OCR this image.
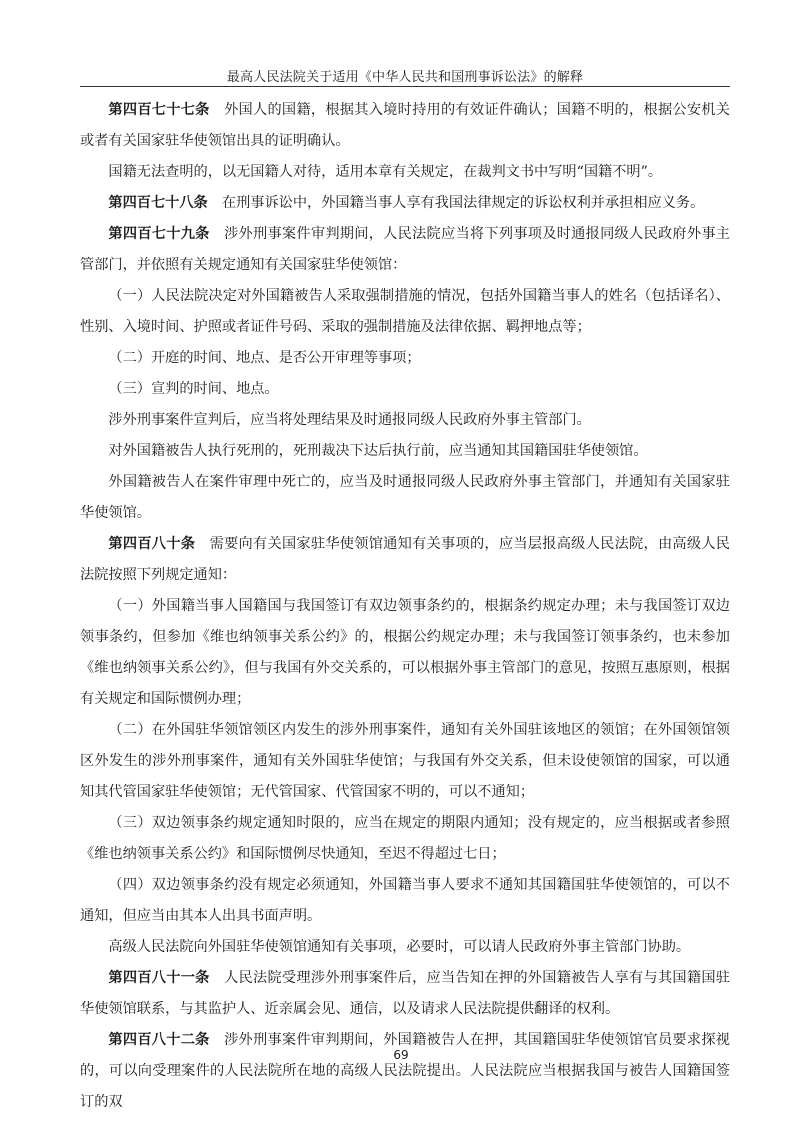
最高人民法院关于适用《中华人民共和国刑事诉讼法》的解释

第四百七十七条　外国人的国籍，根据其入境时持用的有效证件确认；国籍不明的，根据公安机关或者有关国家驻华使领馆出具的证明确认。

国籍无法查明的，以无国籍人对待，适用本章有关规定，在裁判文书中写明“国籍不明”。

第四百七十八条　在刑事诉讼中，外国籍当事人享有我国法律规定的诉讼权利并承担相应义务。

第四百七十九条　涉外刑事案件审判期间，人民法院应当将下列事项及时通报同级人民政府外事主管部门，并依照有关规定通知有关国家驻华使领馆：

（一）人民法院决定对外国籍被告人采取强制措施的情况，包括外国籍当事人的姓名（包括译名）、性别、入境时间、护照或者证件号码、采取的强制措施及法律依据、羁押地点等；

（二）开庭的时间、地点、是否公开审理等事项；

（三）宣判的时间、地点。

涉外刑事案件宣判后，应当将处理结果及时通报同级人民政府外事主管部门。

对外国籍被告人执行死刑的，死刑裁决下达后执行前，应当通知其国籍国驻华使领馆。

外国籍被告人在案件审理中死亡的，应当及时通报同级人民政府外事主管部门，并通知有关国家驻华使领馆。

第四百八十条　需要向有关国家驻华使领馆通知有关事项的，应当层报高级人民法院，由高级人民法院按照下列规定通知：

（一）外国籍当事人国籍国与我国签订有双边领事条约的，根据条约规定办理；未与我国签订双边领事条约，但参加《维也纳领事关系公约》的，根据公约规定办理；未与我国签订领事条约，也未参加《维也纳领事关系公约》，但与我国有外交关系的，可以根据外事主管部门的意见，按照互惠原则，根据有关规定和国际惯例办理；

（二）在外国驻华领馆领区内发生的涉外刑事案件，通知有关外国驻该地区的领馆；在外国领馆领区外发生的涉外刑事案件，通知有关外国驻华使馆；与我国有外交关系，但未设使领馆的国家，可以通知其代管国家驻华使领馆；无代管国家、代管国家不明的，可以不通知；

（三）双边领事条约规定通知时限的，应当在规定的期限内通知；没有规定的，应当根据或者参照《维也纳领事关系公约》和国际惯例尽快通知，至迟不得超过七日；

（四）双边领事条约没有规定必须通知，外国籍当事人要求不通知其国籍国驻华使领馆的，可以不通知，但应当由其本人出具书面声明。

高级人民法院向外国驻华使领馆通知有关事项，必要时，可以请人民政府外事主管部门协助。

第四百八十一条　人民法院受理涉外刑事案件后，应当告知在押的外国籍被告人享有与其国籍国驻华使领馆联系，与其监护人、近亲属会见、通信，以及请求人民法院提供翻译的权利。

第四百八十二条　涉外刑事案件审判期间，外国籍被告人在押，其国籍国驻华使领馆官员要求探视的，可以向受理案件的人民法院所在地的高级人民法院提出。人民法院应当根据我国与被告人国籍国签订的双

69
